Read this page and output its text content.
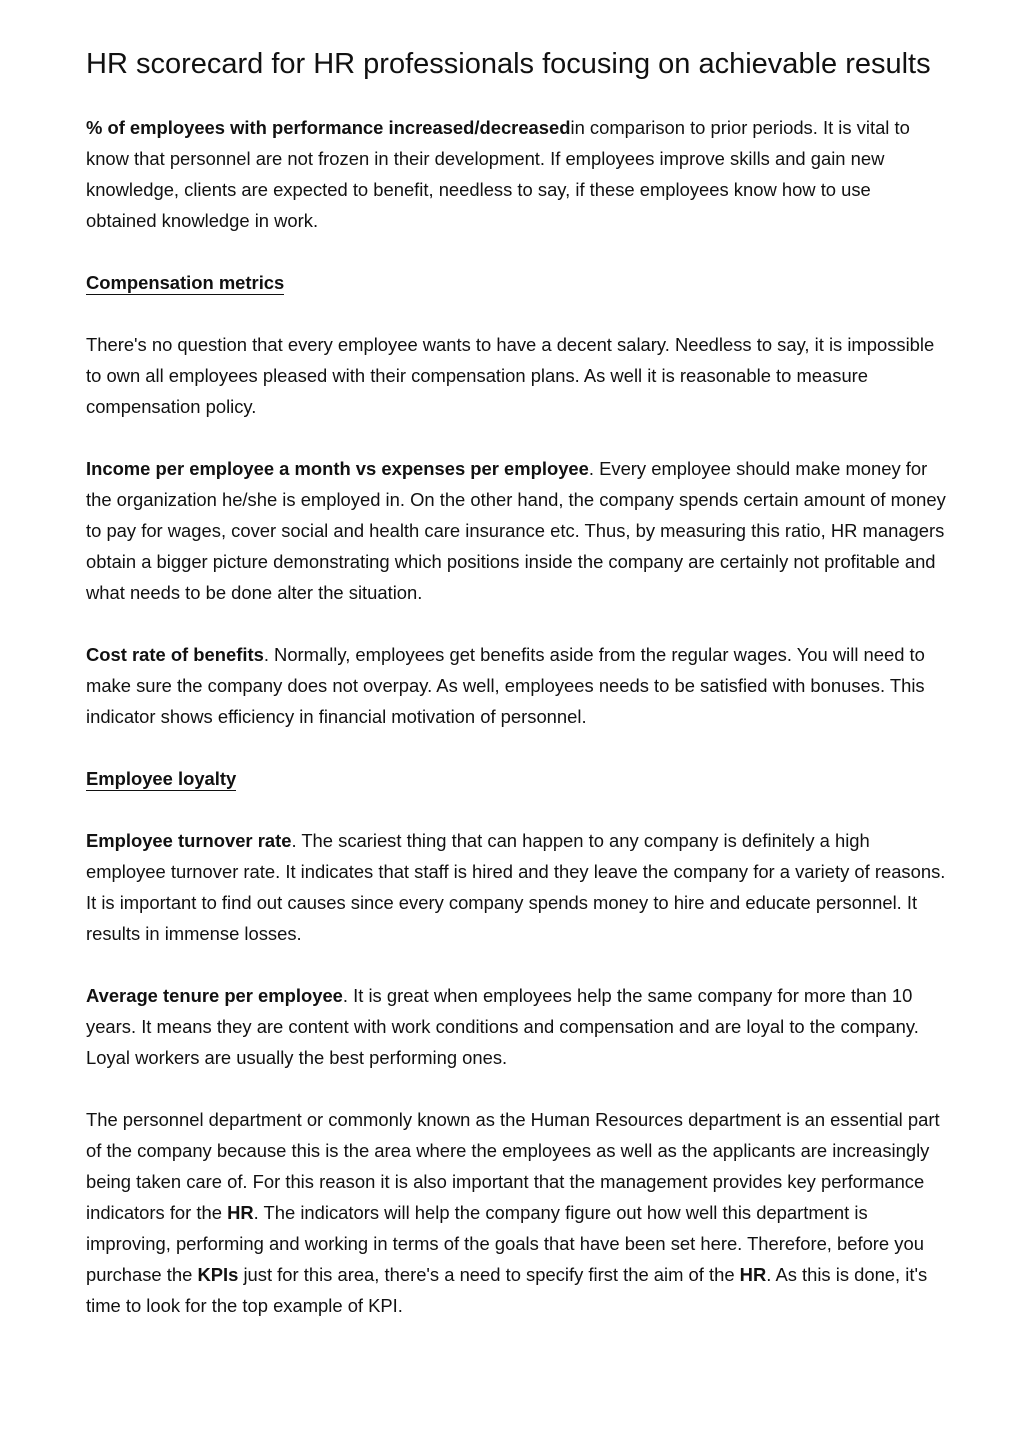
HR scorecard for HR professionals focusing on achievable results

% of employees with performance increased/decreasedin comparison to prior periods. It is vital to know that personnel are not frozen in their development. If employees improve skills and gain new knowledge, clients are expected to benefit, needless to say, if these employees know how to use obtained knowledge in work.

Compensation metrics

There's no question that every employee wants to have a decent salary. Needless to say, it is impossible to own all employees pleased with their compensation plans. As well it is reasonable to measure compensation policy.

Income per employee a month vs expenses per employee. Every employee should make money for the organization he/she is employed in. On the other hand, the company spends certain amount of money to pay for wages, cover social and health care insurance etc. Thus, by measuring this ratio, HR managers obtain a bigger picture demonstrating which positions inside the company are certainly not profitable and what needs to be done alter the situation.

Cost rate of benefits. Normally, employees get benefits aside from the regular wages. You will need to make sure the company does not overpay. As well, employees needs to be satisfied with bonuses. This indicator shows efficiency in financial motivation of personnel.

Employee loyalty

Employee turnover rate. The scariest thing that can happen to any company is definitely a high employee turnover rate. It indicates that staff is hired and they leave the company for a variety of reasons. It is important to find out causes since every company spends money to hire and educate personnel. It results in immense losses.

Average tenure per employee. It is great when employees help the same company for more than 10 years. It means they are content with work conditions and compensation and are loyal to the company. Loyal workers are usually the best performing ones.

The personnel department or commonly known as the Human Resources department is an essential part of the company because this is the area where the employees as well as the applicants are increasingly being taken care of. For this reason it is also important that the management provides key performance indicators for the HR. The indicators will help the company figure out how well this department is improving, performing and working in terms of the goals that have been set here. Therefore, before you purchase the KPIs just for this area, there's a need to specify first the aim of the HR. As this is done, it's time to look for the top example of KPI.
